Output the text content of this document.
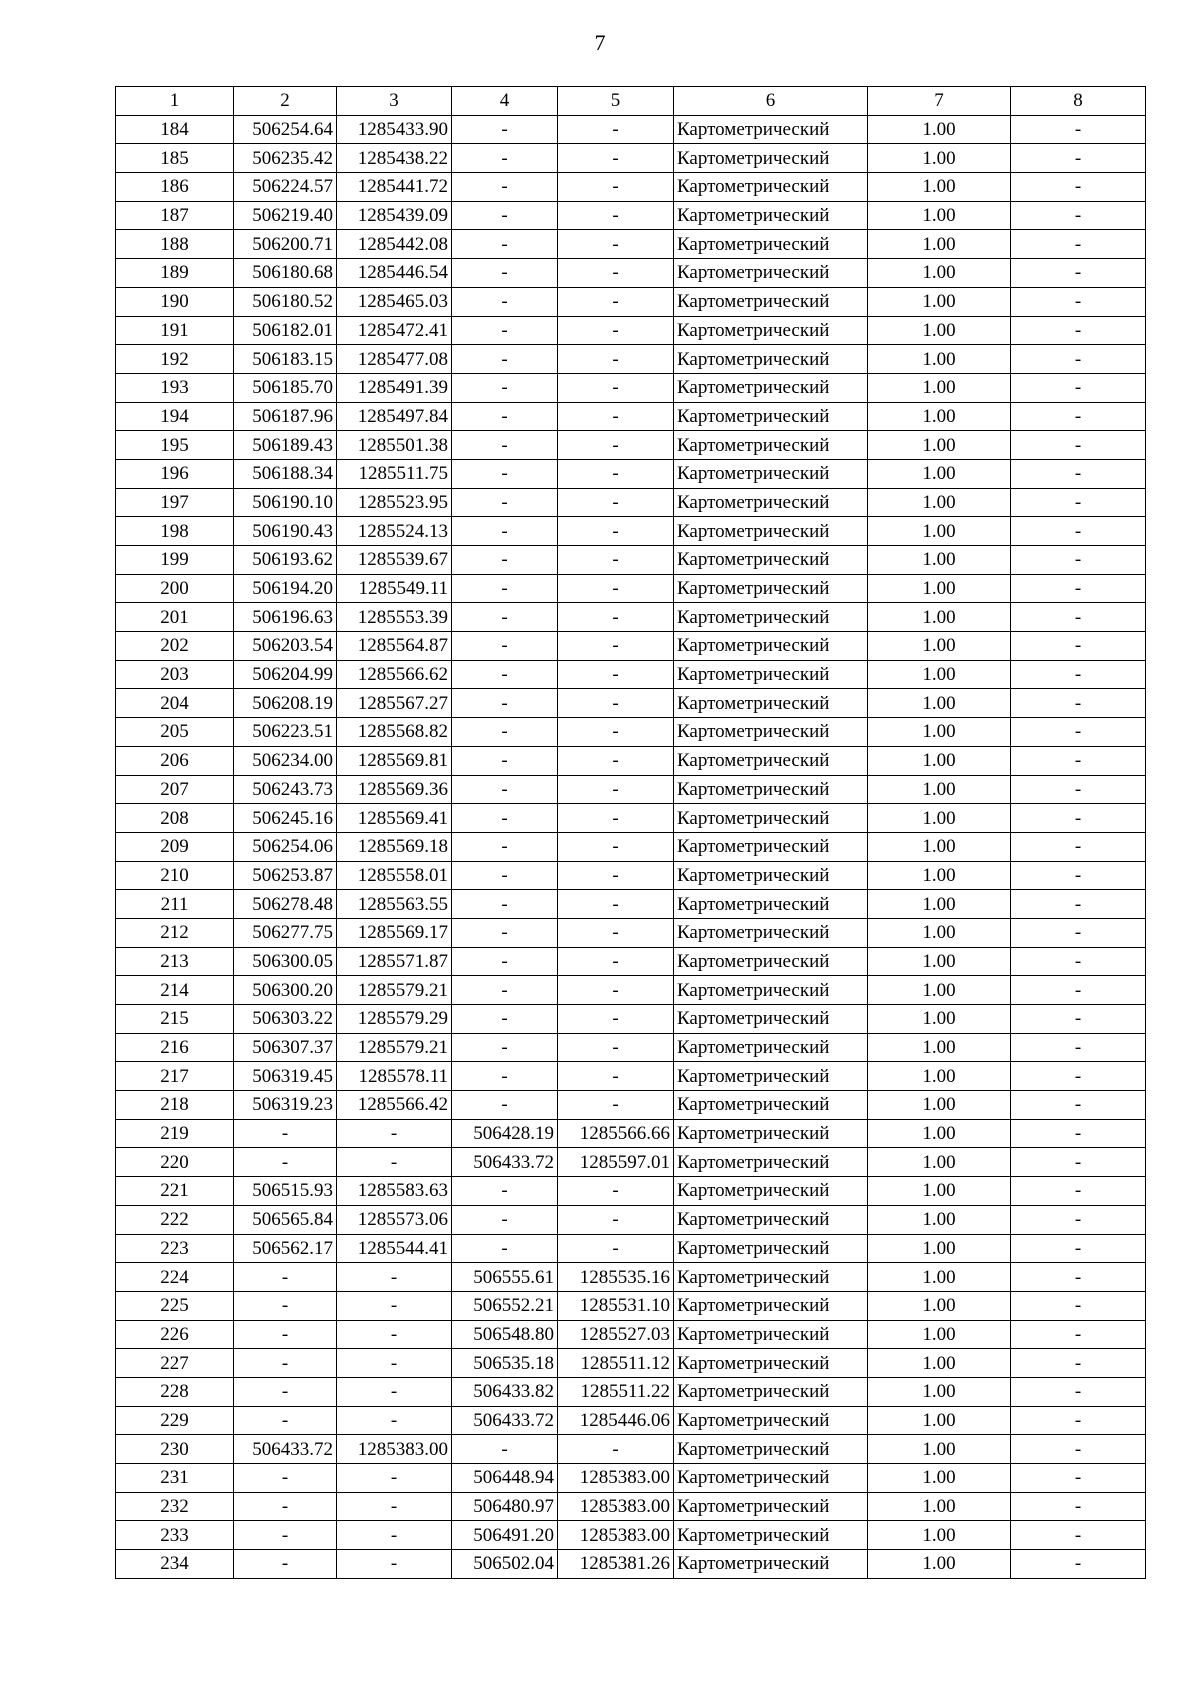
7
1	2	3	4	5	6	7	8
184	506254.64	1285433.90	-	-	Картометрический	1.00	-
185	506235.42	1285438.22	-	-	Картометрический	1.00	-
186	506224.57	1285441.72	-	-	Картометрический	1.00	-
187	506219.40	1285439.09	-	-	Картометрический	1.00	-
188	506200.71	1285442.08	-	-	Картометрический	1.00	-
189	506180.68	1285446.54	-	-	Картометрический	1.00	-
190	506180.52	1285465.03	-	-	Картометрический	1.00	-
191	506182.01	1285472.41	-	-	Картометрический	1.00	-
192	506183.15	1285477.08	-	-	Картометрический	1.00	-
193	506185.70	1285491.39	-	-	Картометрический	1.00	-
194	506187.96	1285497.84	-	-	Картометрический	1.00	-
195	506189.43	1285501.38	-	-	Картометрический	1.00	-
196	506188.34	1285511.75	-	-	Картометрический	1.00	-
197	506190.10	1285523.95	-	-	Картометрический	1.00	-
198	506190.43	1285524.13	-	-	Картометрический	1.00	-
199	506193.62	1285539.67	-	-	Картометрический	1.00	-
200	506194.20	1285549.11	-	-	Картометрический	1.00	-
201	506196.63	1285553.39	-	-	Картометрический	1.00	-
202	506203.54	1285564.87	-	-	Картометрический	1.00	-
203	506204.99	1285566.62	-	-	Картометрический	1.00	-
204	506208.19	1285567.27	-	-	Картометрический	1.00	-
205	506223.51	1285568.82	-	-	Картометрический	1.00	-
206	506234.00	1285569.81	-	-	Картометрический	1.00	-
207	506243.73	1285569.36	-	-	Картометрический	1.00	-
208	506245.16	1285569.41	-	-	Картометрический	1.00	-
209	506254.06	1285569.18	-	-	Картометрический	1.00	-
210	506253.87	1285558.01	-	-	Картометрический	1.00	-
211	506278.48	1285563.55	-	-	Картометрический	1.00	-
212	506277.75	1285569.17	-	-	Картометрический	1.00	-
213	506300.05	1285571.87	-	-	Картометрический	1.00	-
214	506300.20	1285579.21	-	-	Картометрический	1.00	-
215	506303.22	1285579.29	-	-	Картометрический	1.00	-
216	506307.37	1285579.21	-	-	Картометрический	1.00	-
217	506319.45	1285578.11	-	-	Картометрический	1.00	-
218	506319.23	1285566.42	-	-	Картометрический	1.00	-
219	-	-	506428.19	1285566.66	Картометрический	1.00	-
220	-	-	506433.72	1285597.01	Картометрический	1.00	-
221	506515.93	1285583.63	-	-	Картометрический	1.00	-
222	506565.84	1285573.06	-	-	Картометрический	1.00	-
223	506562.17	1285544.41	-	-	Картометрический	1.00	-
224	-	-	506555.61	1285535.16	Картометрический	1.00	-
225	-	-	506552.21	1285531.10	Картометрический	1.00	-
226	-	-	506548.80	1285527.03	Картометрический	1.00	-
227	-	-	506535.18	1285511.12	Картометрический	1.00	-
228	-	-	506433.82	1285511.22	Картометрический	1.00	-
229	-	-	506433.72	1285446.06	Картометрический	1.00	-
230	506433.72	1285383.00	-	-	Картометрический	1.00	-
231	-	-	506448.94	1285383.00	Картометрический	1.00	-
232	-	-	506480.97	1285383.00	Картометрический	1.00	-
233	-	-	506491.20	1285383.00	Картометрический	1.00	-
234	-	-	506502.04	1285381.26	Картометрический	1.00	-
